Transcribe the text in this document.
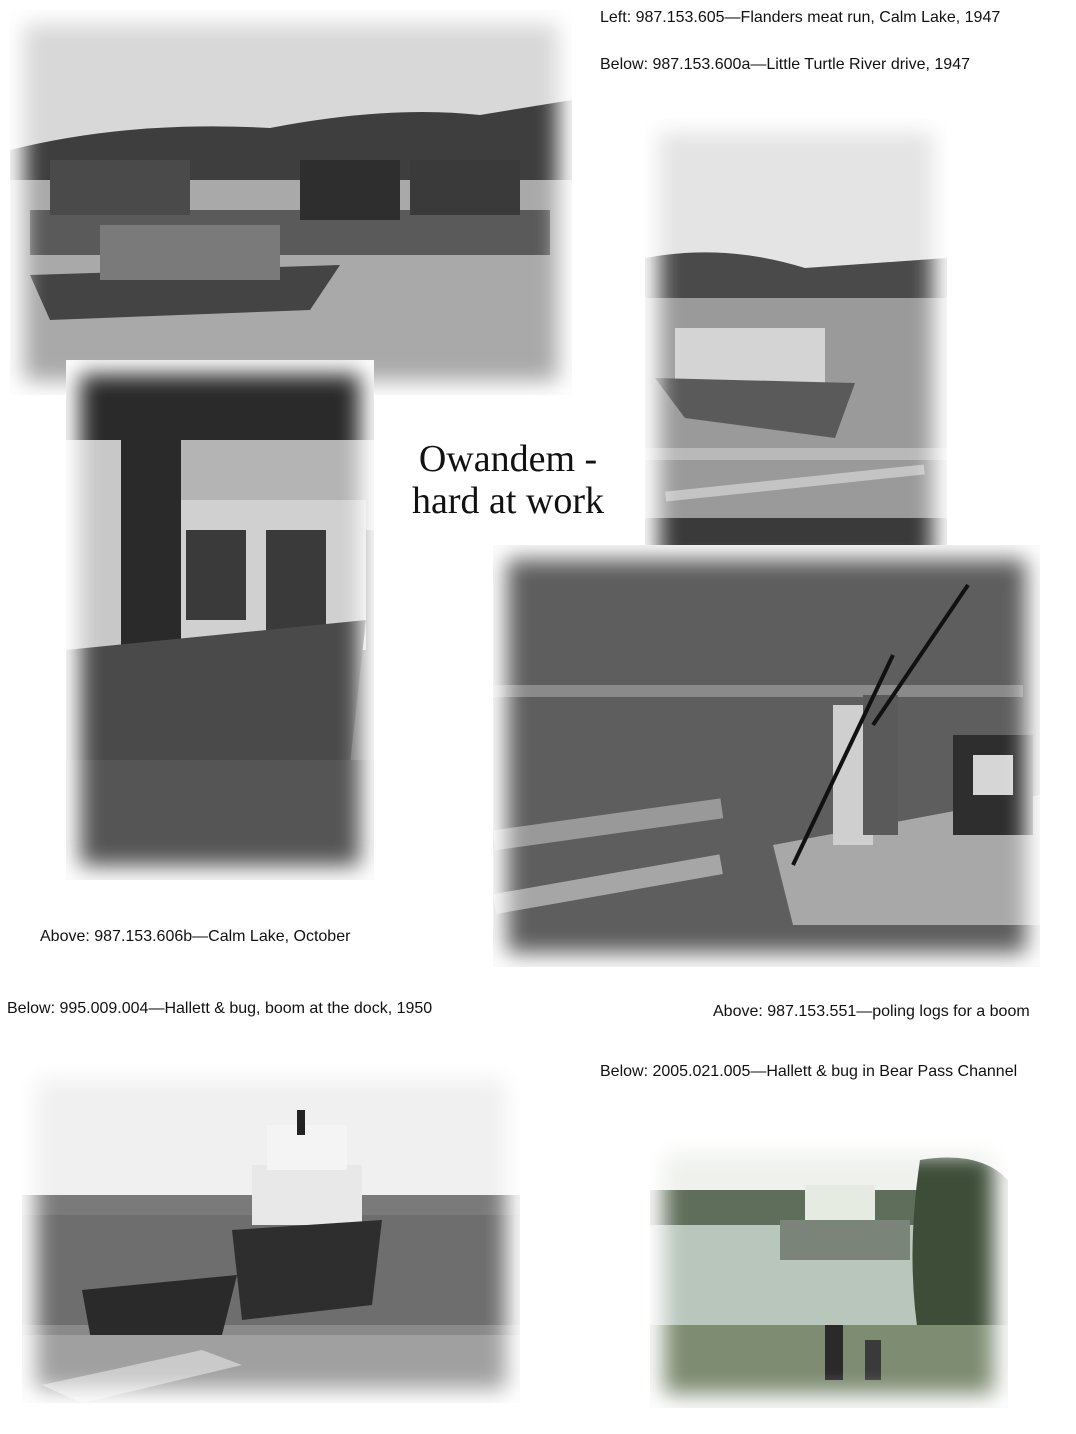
Owandem -
hard at work
Left: 987.153.605—Flanders meat run, Calm Lake, 1947
Below: 987.153.600a—Little Turtle River drive, 1947
Above: 987.153.606b—Calm Lake, October
Below: 995.009.004—Hallett & bug, boom at the dock, 1950	Above: 987.153.551—poling logs for a boom
Below: 2005.021.005—Hallett & bug in Bear Pass Channel
